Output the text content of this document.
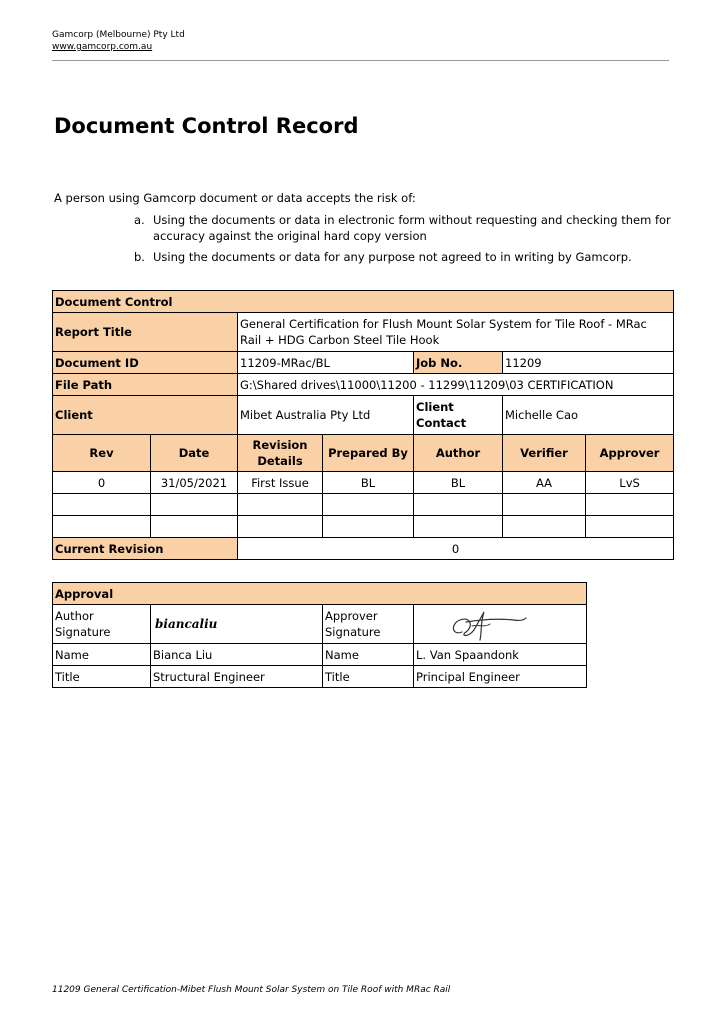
Gamcorp (Melbourne) Pty Ltd
www.gamcorp.com.au
Document Control Record
A person using Gamcorp document or data accepts the risk of:
a. Using the documents or data in electronic form without requesting and checking them for accuracy against the original hard copy version
b. Using the documents or data for any purpose not agreed to in writing by Gamcorp.
Document Control						
Report Title		General Certification for Flush Mount Solar System for Tile Roof - MRac Rail + HDG Carbon Steel Tile Hook				
Document ID		11209-MRac/BL		Job No.	11209	
File Path		G:\Shared drives\11000\11200 - 11299\11209\03 CERTIFICATION				
Client		Mibet Australia Pty Ltd		Client Contact	Michelle Cao	
Rev	Date	Revision Details	Prepared By	Author	Verifier	Approver
0	31/05/2021	First Issue	BL	BL	AA	LvS

Current Revision		0				
Approval			
Author Signature	biancaliu	Approver Signature	

Name	Bianca Liu	Name	L. Van Spaandonk
Title	Structural Engineer	Title	Principal Engineer
11209 General Certification-Mibet Flush Mount Solar System on Tile Roof with MRac Rail
